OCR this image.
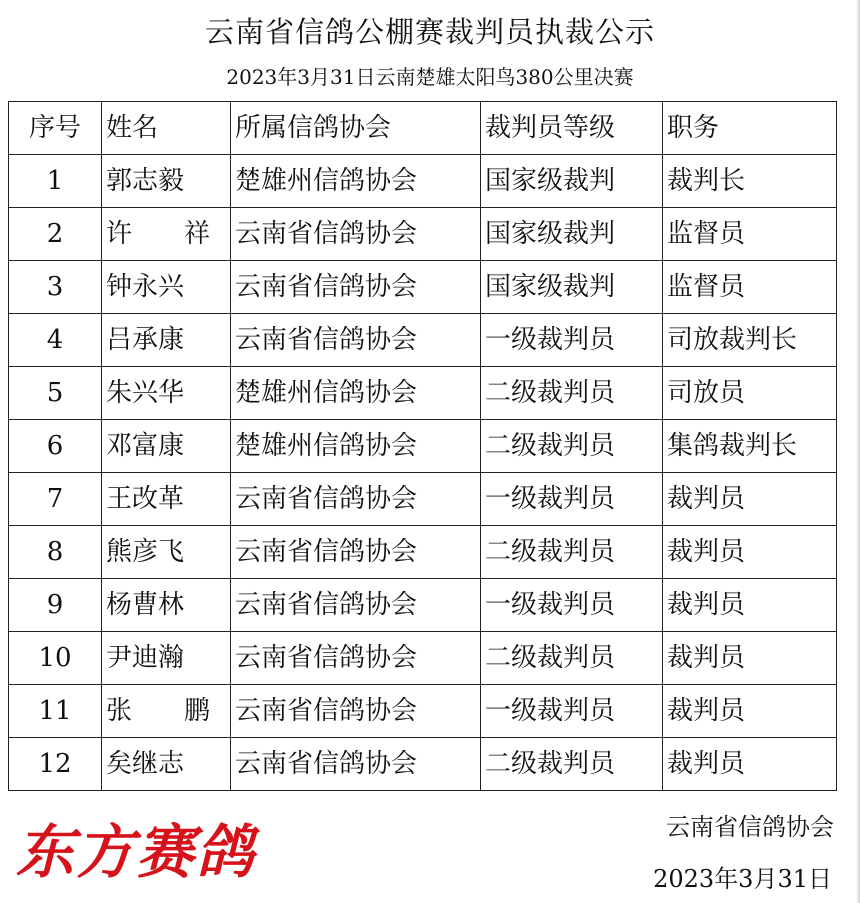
云南省信鸽公棚赛裁判员执裁公示
2023年3月31日云南楚雄太阳鸟380公里决赛
序号	姓名	所属信鸽协会	裁判员等级	职务
1	郭志毅	楚雄州信鸽协会	国家级裁判	裁判长
2	许　　祥	云南省信鸽协会	国家级裁判	监督员
3	钟永兴	云南省信鸽协会	国家级裁判	监督员
4	吕承康	云南省信鸽协会	一级裁判员	司放裁判长
5	朱兴华	楚雄州信鸽协会	二级裁判员	司放员
6	邓富康	楚雄州信鸽协会	二级裁判员	集鸽裁判长
7	王改革	云南省信鸽协会	一级裁判员	裁判员
8	熊彦飞	云南省信鸽协会	二级裁判员	裁判员
9	杨曹林	云南省信鸽协会	一级裁判员	裁判员
10	尹迪瀚	云南省信鸽协会	二级裁判员	裁判员
11	张　　鹏	云南省信鸽协会	一级裁判员	裁判员
12	矣继志	云南省信鸽协会	二级裁判员	裁判员
东方赛鸽	云南省信鸽协会
2023年3月31日
